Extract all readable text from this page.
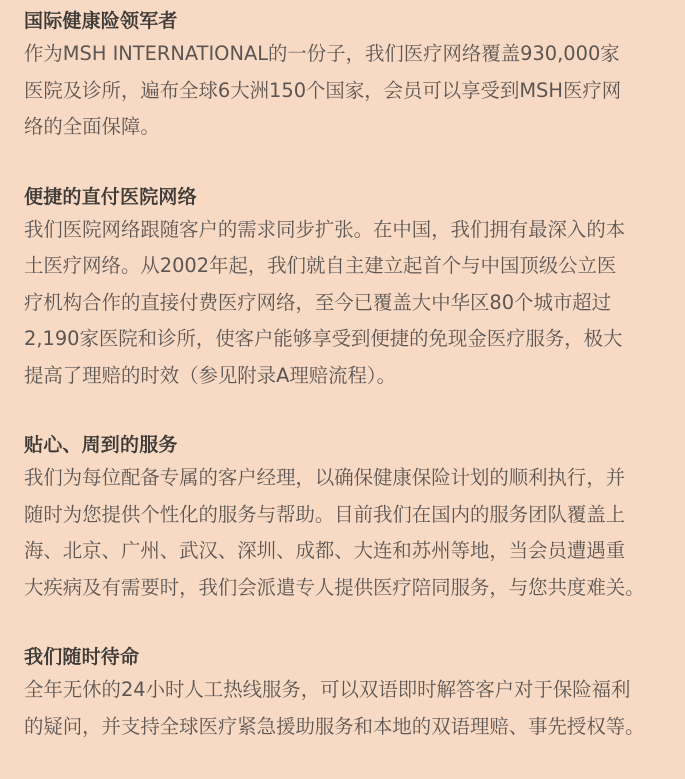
国际健康险领军者

作为MSH INTERNATIONAL的一份子，我们医疗网络覆盖930,000家
医院及诊所，遍布全球6大洲150个国家，会员可以享受到MSH医疗网
络的全面保障。

便捷的直付医院网络

我们医院网络跟随客户的需求同步扩张。在中国，我们拥有最深入的本
土医疗网络。从2002年起，我们就自主建立起首个与中国顶级公立医
疗机构合作的直接付费医疗网络，至今已覆盖大中华区80个城市超过
2,190家医院和诊所，使客户能够享受到便捷的免现金医疗服务，极大
提高了理赔的时效（参见附录A理赔流程）。

贴心、周到的服务

我们为每位配备专属的客户经理，以确保健康保险计划的顺利执行，并
随时为您提供个性化的服务与帮助。目前我们在国内的服务团队覆盖上
海、北京、广州、武汉、深圳、成都、大连和苏州等地，当会员遭遇重
大疾病及有需要时，我们会派遣专人提供医疗陪同服务，与您共度难关。

我们随时待命

全年无休的24小时人工热线服务，可以双语即时解答客户对于保险福利
的疑问，并支持全球医疗紧急援助服务和本地的双语理赔、事先授权等。
